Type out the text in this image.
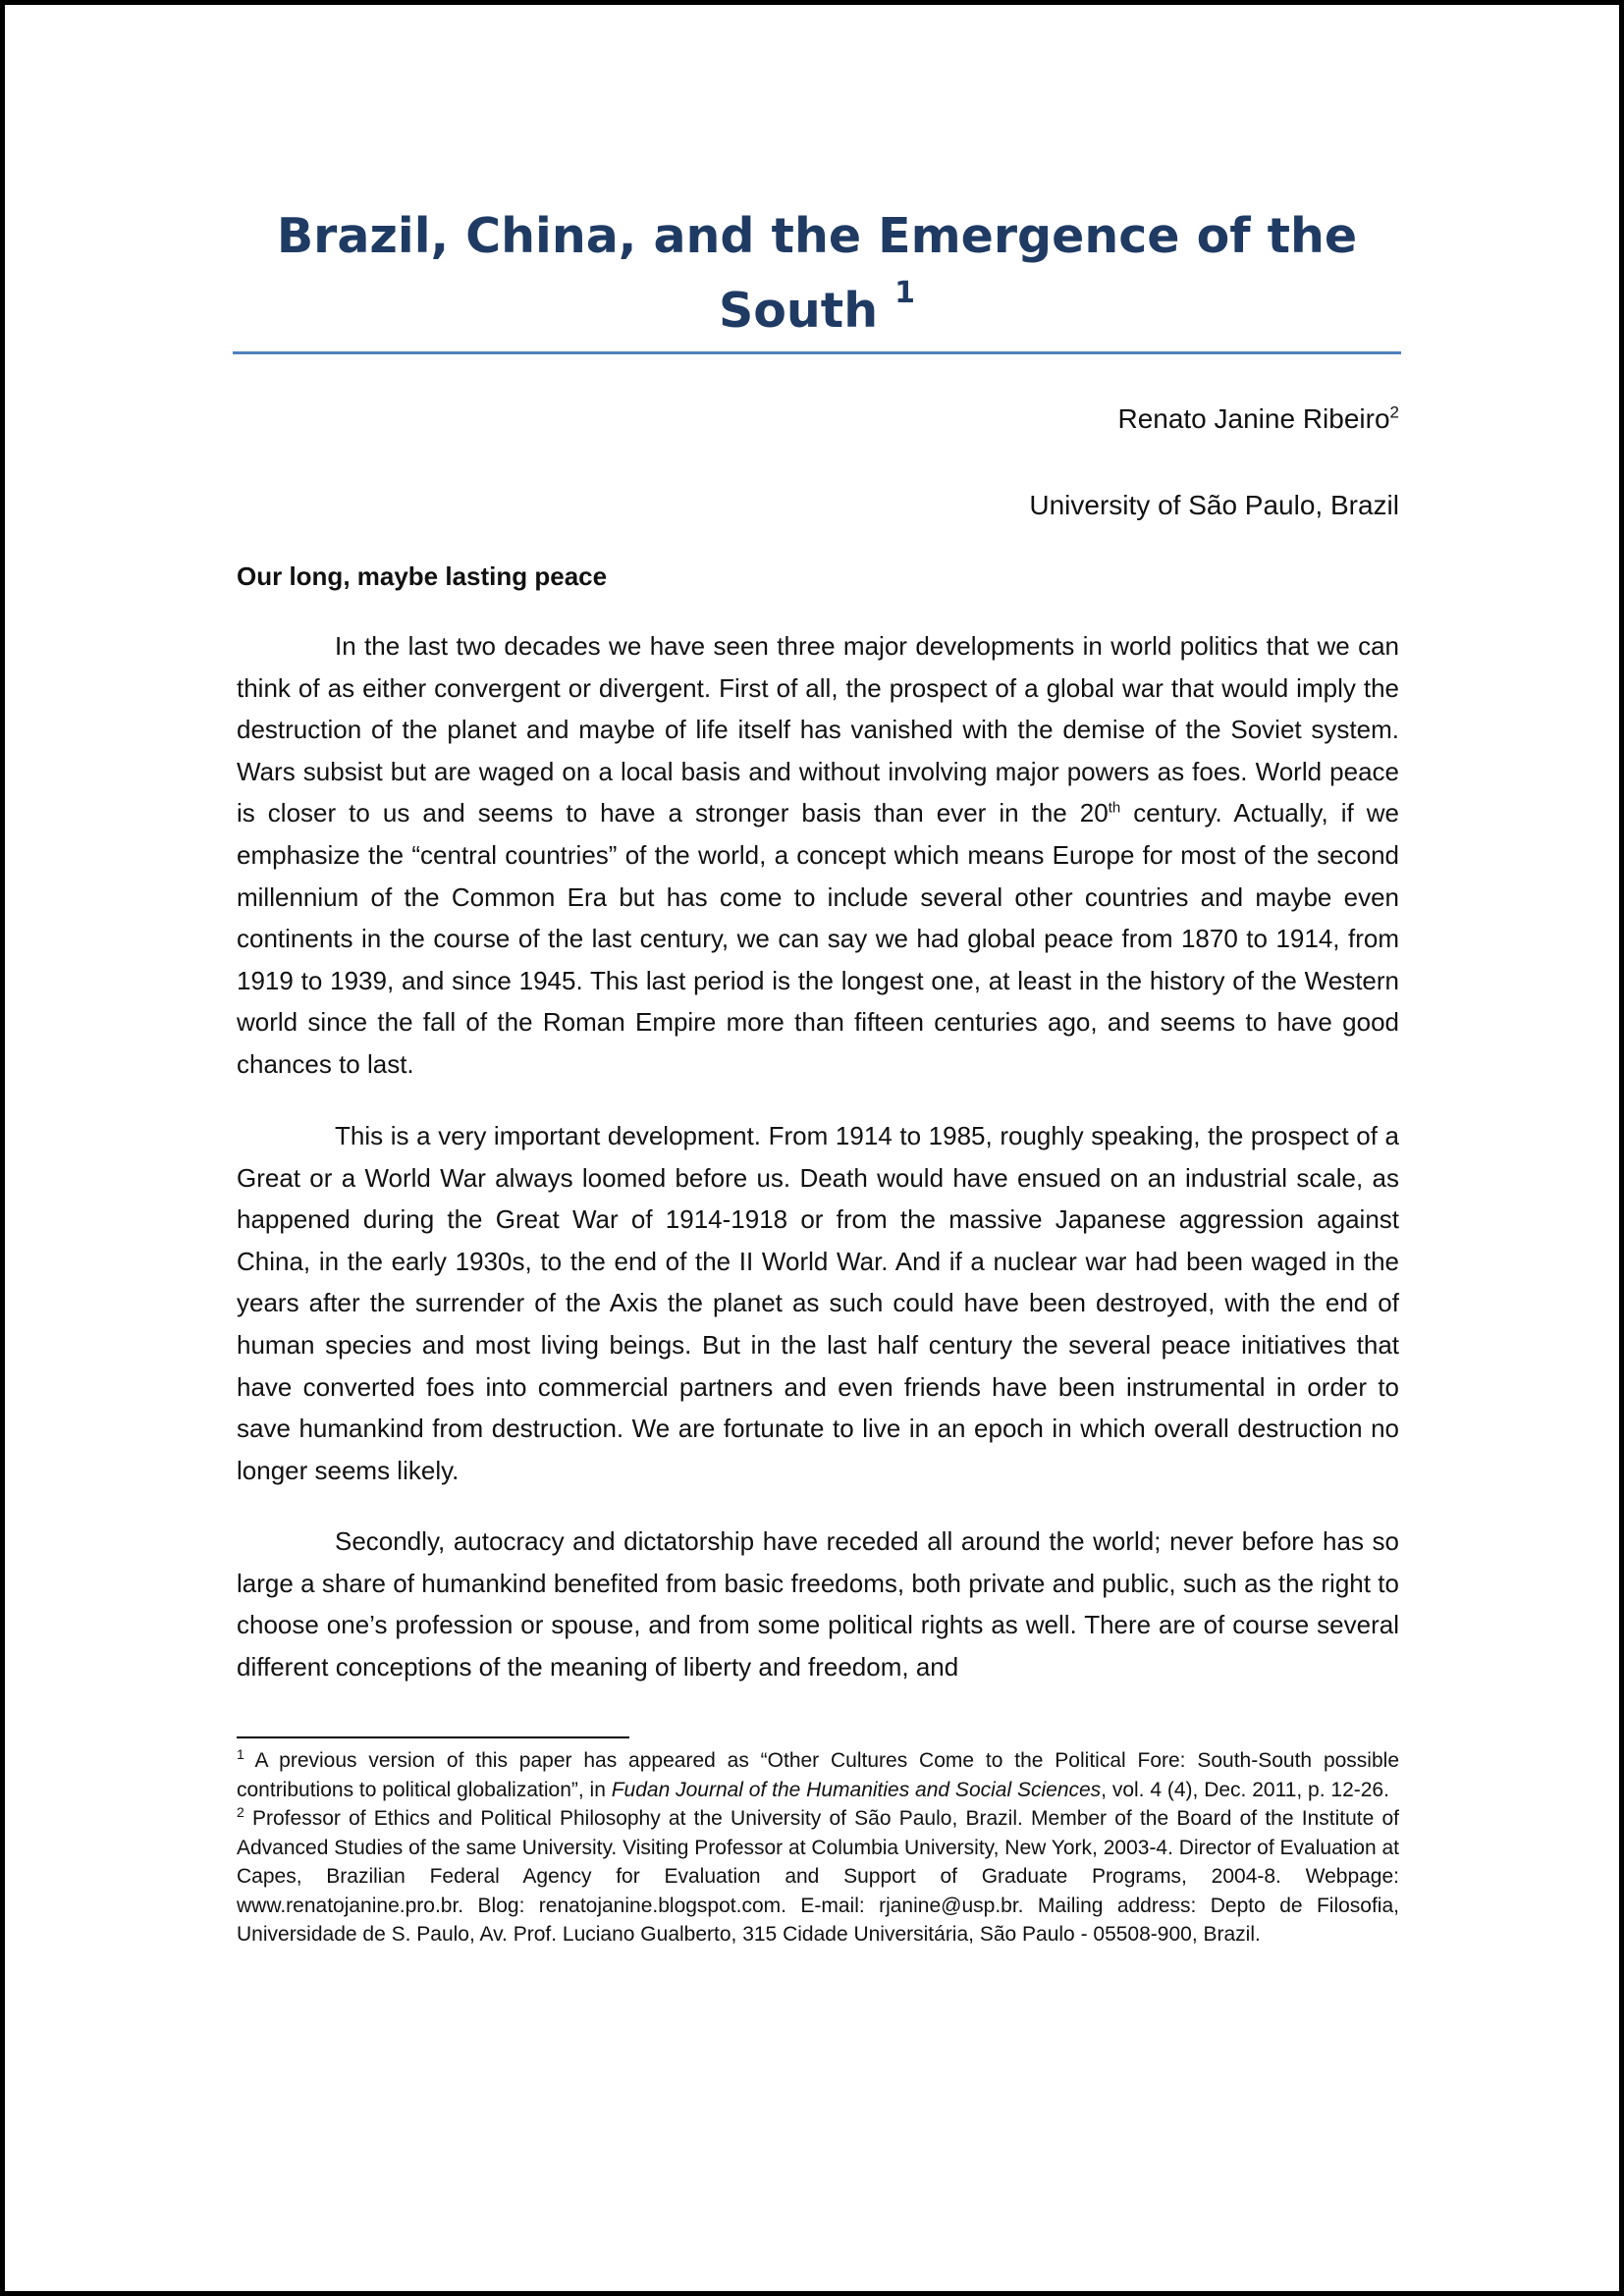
Brazil, China, and the Emergence of the South $^1$

Renato Janine Ribeiro$^2$

University of São Paulo, Brazil

Our long, maybe lasting peace

In the last two decades we have seen three major developments in world politics that we can think of as either convergent or divergent. First of all, the prospect of a global war that would imply the destruction of the planet and maybe of life itself has vanished with the demise of the Soviet system. Wars subsist but are waged on a local basis and without involving major powers as foes. World peace is closer to us and seems to have a stronger basis than ever in the 20th century. Actually, if we emphasize the “central countries” of the world, a concept which means Europe for most of the second millennium of the Common Era but has come to include several other countries and maybe even continents in the course of the last century, we can say we had global peace from 1870 to 1914, from 1919 to 1939, and since 1945. This last period is the longest one, at least in the history of the Western world since the fall of the Roman Empire more than fifteen centuries ago, and seems to have good chances to last.

This is a very important development. From 1914 to 1985, roughly speaking, the prospect of a Great or a World War always loomed before us. Death would have ensued on an industrial scale, as happened during the Great War of 1914-1918 or from the massive Japanese aggression against China, in the early 1930s, to the end of the II World War. And if a nuclear war had been waged in the years after the surrender of the Axis the planet as such could have been destroyed, with the end of human species and most living beings. But in the last half century the several peace initiatives that have converted foes into commercial partners and even friends have been instrumental in order to save humankind from destruction. We are fortunate to live in an epoch in which overall destruction no longer seems likely.

Secondly, autocracy and dictatorship have receded all around the world; never before has so large a share of humankind benefited from basic freedoms, both private and public, such as the right to choose one’s profession or spouse, and from some political rights as well. There are of course several different conceptions of the meaning of liberty and freedom, and

$^1$ A previous version of this paper has appeared as “Other Cultures Come to the Political Fore: South-South possible contributions to political globalization”, in Fudan Journal of the Humanities and Social Sciences, vol. 4 (4), Dec. 2011, p. 12-26.

$^2$ Professor of Ethics and Political Philosophy at the University of São Paulo, Brazil. Member of the Board of the Institute of Advanced Studies of the same University. Visiting Professor at Columbia University, New York, 2003-4. Director of Evaluation at Capes, Brazilian Federal Agency for Evaluation and Support of Graduate Programs, 2004-8. Webpage: www.renatojanine.pro.br. Blog: renatojanine.blogspot.com. E-mail: rjanine@usp.br. Mailing address: Depto de Filosofia, Universidade de S. Paulo, Av. Prof. Luciano Gualberto, 315 Cidade Universitária, São Paulo - 05508-900, Brazil.
